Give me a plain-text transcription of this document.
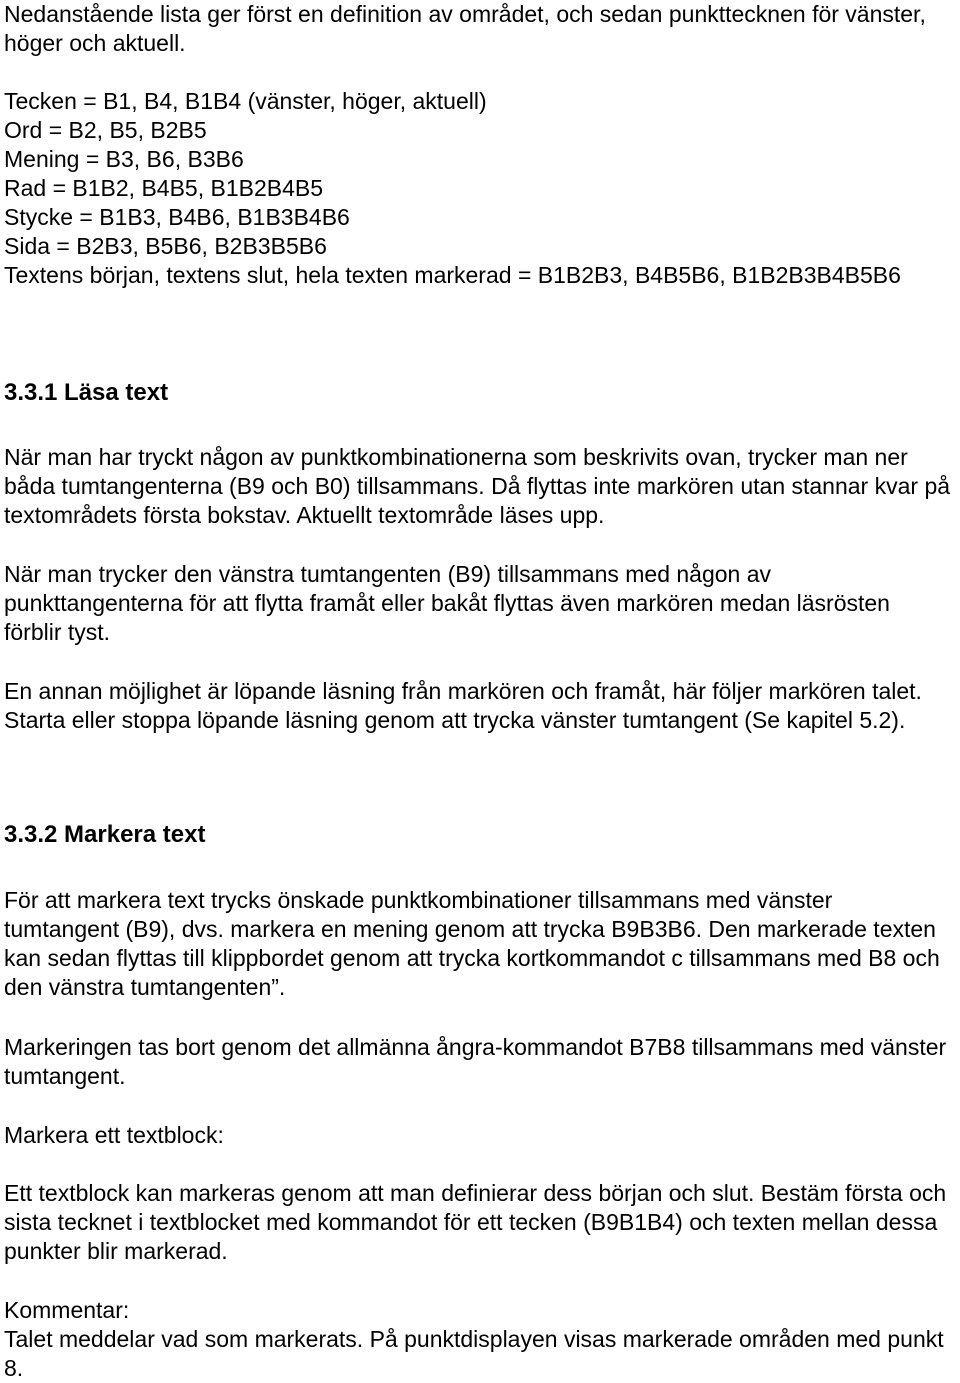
Nedanstående lista ger först en definition av området, och sedan punkttecknen för vänster, höger och aktuell.

Tecken = B1, B4, B1B4 (vänster, höger, aktuell)
Ord = B2, B5, B2B5
Mening = B3, B6, B3B6
Rad = B1B2, B4B5, B1B2B4B5
Stycke = B1B3, B4B6, B1B3B4B6
Sida = B2B3, B5B6, B2B3B5B6
Textens början, textens slut, hela texten markerad = B1B2B3, B4B5B6, B1B2B3B4B5B6
3.3.1 Läsa text

När man har tryckt någon av punktkombinationerna som beskrivits ovan, trycker man ner båda tumtangenterna (B9 och B0) tillsammans. Då flyttas inte markören utan stannar kvar på textområdets första bokstav. Aktuellt textområde läses upp.

När man trycker den vänstra tumtangenten (B9) tillsammans med någon av punkttangenterna för att flytta framåt eller bakåt flyttas även markören medan läsrösten förblir tyst.

En annan möjlighet är löpande läsning från markören och framåt, här följer markören talet. Starta eller stoppa löpande läsning genom att trycka vänster tumtangent (Se kapitel 5.2).

3.3.2 Markera text

För att markera text trycks önskade punktkombinationer tillsammans med vänster tumtangent (B9), dvs. markera en mening genom att trycka B9B3B6. Den markerade texten kan sedan flyttas till klippbordet genom att trycka kortkommandot c tillsammans med B8 och den vänstra tumtangenten”.

Markeringen tas bort genom det allmänna ångra-kommandot B7B8 tillsammans med vänster tumtangent.

Markera ett textblock:

Ett textblock kan markeras genom att man definierar dess början och slut. Bestäm första och sista tecknet i textblocket med kommandot för ett tecken (B9B1B4) och texten mellan dessa punkter blir markerad.

Kommentar:

Talet meddelar vad som markerats. På punktdisplayen visas markerade områden med punkt 8.
